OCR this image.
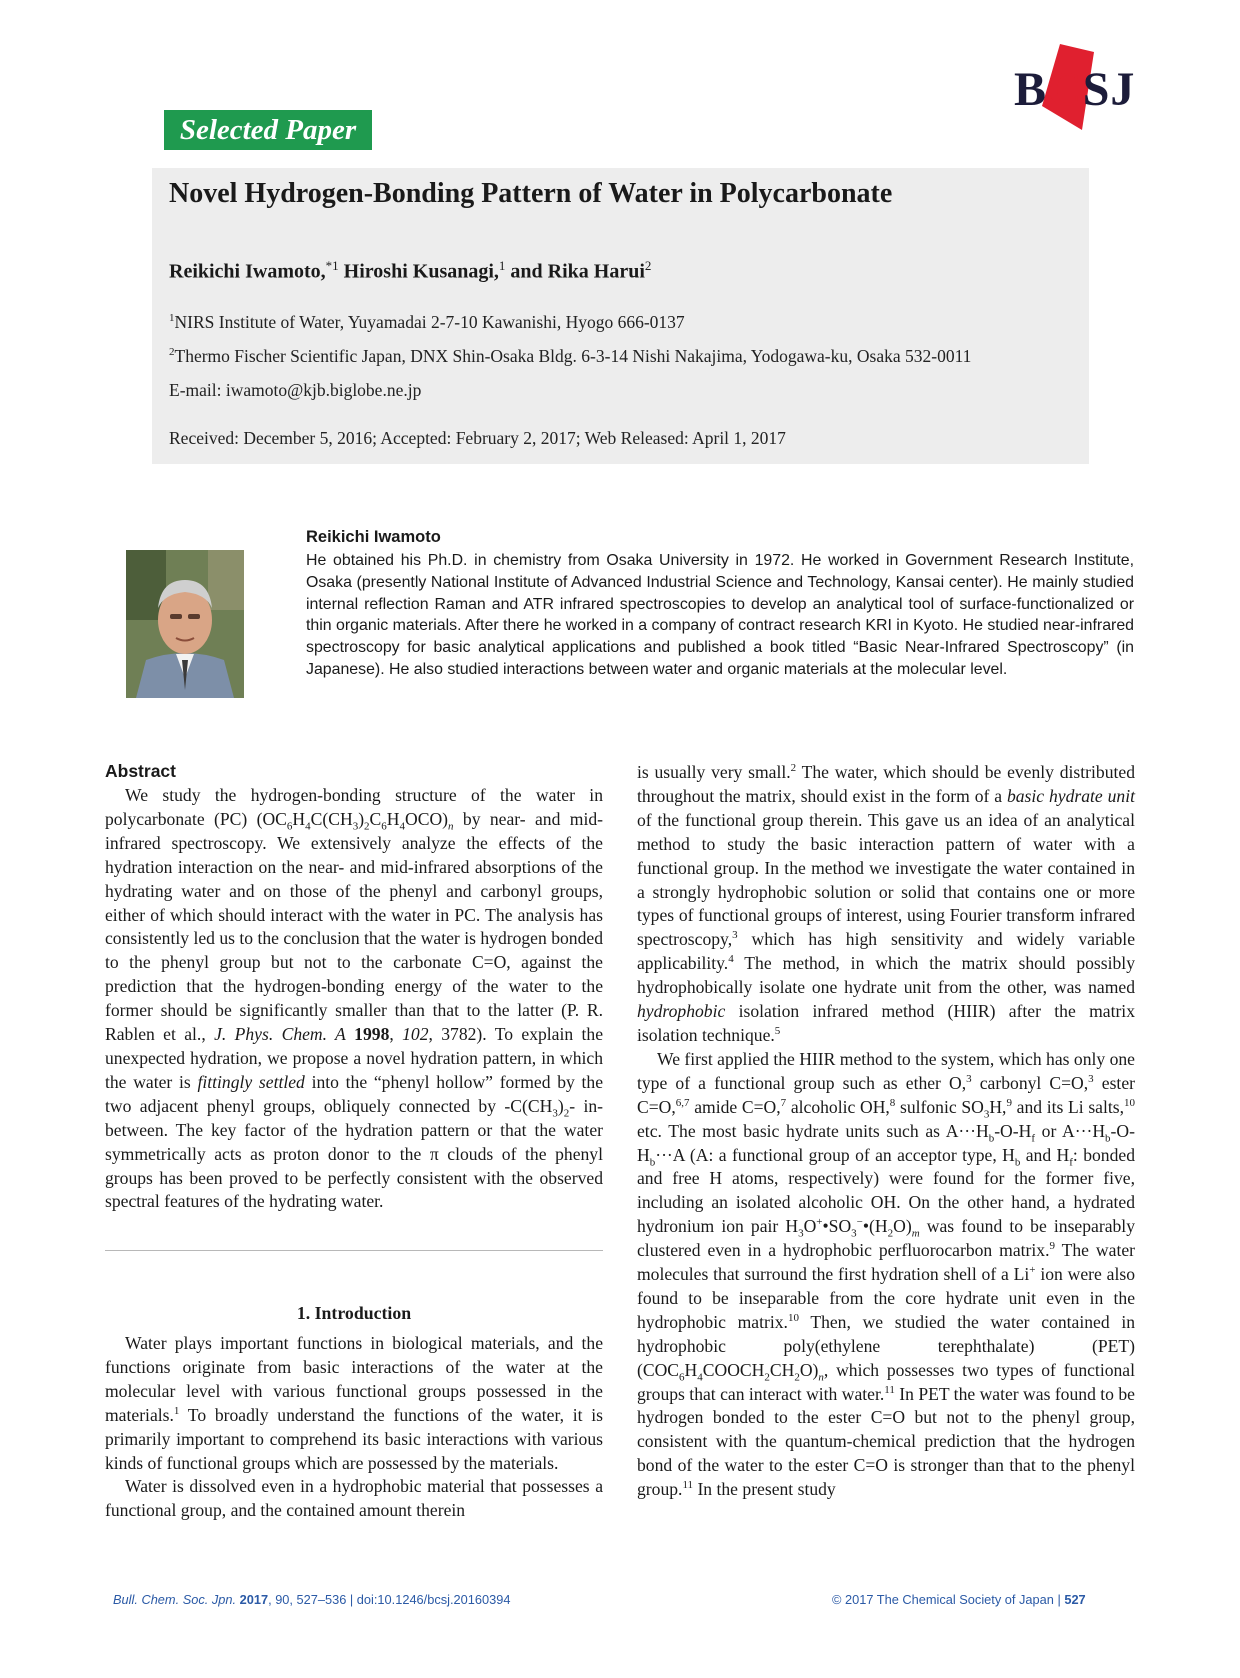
BCSJ
Selected Paper
Novel Hydrogen-Bonding Pattern of Water in Polycarbonate
Reikichi Iwamoto,$^{*1}$ Hiroshi Kusanagi,$^1$ and Rika Harui$^2$
$^1$NIRS Institute of Water, Yuyamadai 2-7-10 Kawanishi, Hyogo 666-0137
$^2$Thermo Fischer Scientific Japan, DNX Shin-Osaka Bldg. 6-3-14 Nishi Nakajima, Yodogawa-ku, Osaka 532-0011
E-mail: iwamoto@kjb.biglobe.ne.jp
Received: December 5, 2016; Accepted: February 2, 2017; Web Released: April 1, 2017
Reikichi Iwamoto
He obtained his Ph.D. in chemistry from Osaka University in 1972. He worked in Government Research Institute, Osaka (presently National Institute of Advanced Industrial Science and Technology, Kansai center). He mainly studied internal reflection Raman and ATR infrared spectroscopies to develop an analytical tool of surface-functionalized or thin organic materials. After there he worked in a company of contract research KRI in Kyoto. He studied near-infrared spectroscopy for basic analytical applications and published a book titled “Basic Near-Infrared Spectroscopy” (in Japanese). He also studied interactions between water and organic materials at the molecular level.
Abstract

We study the hydrogen-bonding structure of the water in polycarbonate (PC) $(OC_6H_4C(CH_3)_2C_6H_4OCO)_n$ by near- and mid-infrared spectroscopy. We extensively analyze the effects of the hydration interaction on the near- and mid-infrared absorptions of the hydrating water and on those of the phenyl and carbonyl groups, either of which should interact with the water in PC. The analysis has consistently led us to the conclusion that the water is hydrogen bonded to the phenyl group but not to the carbonate C=O, against the prediction that the hydrogen-bonding energy of the water to the former should be significantly smaller than that to the latter (P. R. Rablen et al., J. Phys. Chem. A 1998, 102, 3782). To explain the unexpected hydration, we propose a novel hydration pattern, in which the water is fittingly settled into the “phenyl hollow” formed by the two adjacent phenyl groups, obliquely connected by $-C(CH_3)_2-$ in-between. The key factor of the hydration pattern or that the water symmetrically acts as proton donor to the π clouds of the phenyl groups has been proved to be perfectly consistent with the observed spectral features of the hydrating water.

1. Introduction

Water plays important functions in biological materials, and the functions originate from basic interactions of the water at the molecular level with various functional groups possessed in the materials.$^1$ To broadly understand the functions of the water, it is primarily important to comprehend its basic interactions with various kinds of functional groups which are possessed by the materials.

Water is dissolved even in a hydrophobic material that possesses a functional group, and the contained amount therein

is usually very small.$^2$ The water, which should be evenly distributed throughout the matrix, should exist in the form of a basic hydrate unit of the functional group therein. This gave us an idea of an analytical method to study the basic interaction pattern of water with a functional group. In the method we investigate the water contained in a strongly hydrophobic solution or solid that contains one or more types of functional groups of interest, using Fourier transform infrared spectroscopy,$^3$ which has high sensitivity and widely variable applicability.$^4$ The method, in which the matrix should possibly hydrophobically isolate one hydrate unit from the other, was named hydrophobic isolation infrared method (HIIR) after the matrix isolation technique.$^5$

We first applied the HIIR method to the system, which has only one type of a functional group such as ether O,$^3$ carbonyl C=O,$^3$ ester C=O,$^{6,7}$ amide C=O,$^7$ alcoholic OH,$^8$ sulfonic $SO_3H,^9$ and its Li salts,$^{10}$ etc. The most basic hydrate units such as $A\cdot\cdot\cdot H_b-O-H_f$ or $A\cdot\cdot\cdot H_b-O-H_b\cdot\cdot\cdot A$ (A: a functional group of an acceptor type, $H_b$ and $H_f$: bonded and free H atoms, respectively) were found for the former five, including an isolated alcoholic OH. On the other hand, a hydrated hydronium ion pair $H_3O^+•SO_3^-•(H_2O)_m$ was found to be inseparably clustered even in a hydrophobic perfluorocarbon matrix.$^9$ The water molecules that surround the first hydration shell of a Li+ ion were also found to be inseparable from the core hydrate unit even in the hydrophobic matrix.$^{10}$ Then, we studied the water contained in hydrophobic poly(ethylene terephthalate) (PET) $(COC_6H_4COOCH_2CH_2O)_n$, which possesses two types of functional groups that can interact with water.$^{11}$ In PET the water was found to be hydrogen bonded to the ester C=O but not to the phenyl group, consistent with the quantum-chemical prediction that the hydrogen bond of the water to the ester C=O is stronger than that to the phenyl group.$^{11}$ In the present study

Bull. Chem. Soc. Jpn. 2017, 90, 527–536 | doi:10.1246/bcsj.20160394	© 2017 The Chemical Society of Japan | 527
